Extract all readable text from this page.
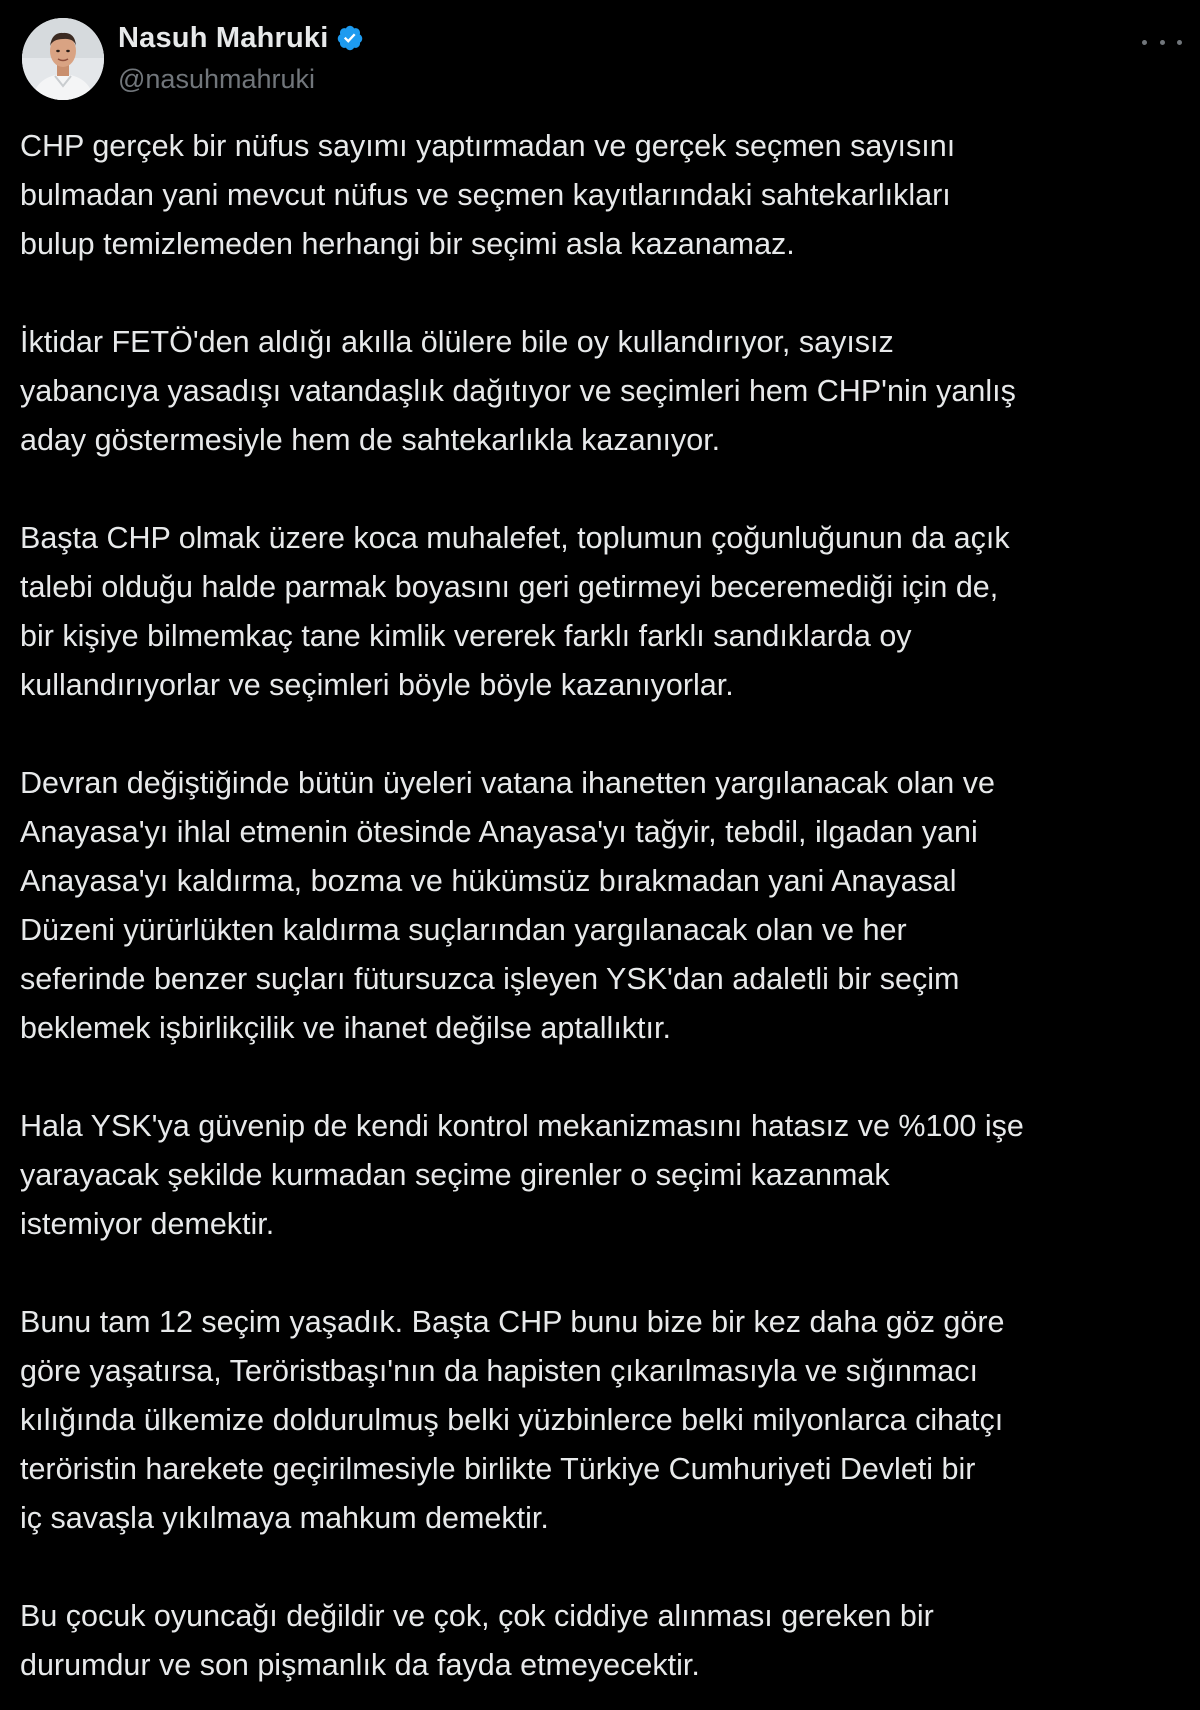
Nasuh Mahruki
@nasuhmahruki

CHP gerçek bir nüfus sayımı yaptırmadan ve gerçek seçmen sayısını
bulmadan yani mevcut nüfus ve seçmen kayıtlarındaki sahtekarlıkları
bulup temizlemeden herhangi bir seçimi asla kazanamaz.

İktidar FETÖ'den aldığı akılla ölülere bile oy kullandırıyor, sayısız
yabancıya yasadışı vatandaşlık dağıtıyor ve seçimleri hem CHP'nin yanlış
aday göstermesiyle hem de sahtekarlıkla kazanıyor.

Başta CHP olmak üzere koca muhalefet, toplumun çoğunluğunun da açık
talebi olduğu halde parmak boyasını geri getirmeyi beceremediği için de,
bir kişiye bilmemkaç tane kimlik vererek farklı farklı sandıklarda oy
kullandırıyorlar ve seçimleri böyle böyle kazanıyorlar.

Devran değiştiğinde bütün üyeleri vatana ihanetten yargılanacak olan ve
Anayasa'yı ihlal etmenin ötesinde Anayasa'yı tağyir, tebdil, ilgadan yani
Anayasa'yı kaldırma, bozma ve hükümsüz bırakmadan yani Anayasal
Düzeni yürürlükten kaldırma suçlarından yargılanacak olan ve her
seferinde benzer suçları fütursuzca işleyen YSK'dan adaletli bir seçim
beklemek işbirlikçilik ve ihanet değilse aptallıktır.

Hala YSK'ya güvenip de kendi kontrol mekanizmasını hatasız ve %100 işe
yarayacak şekilde kurmadan seçime girenler o seçimi kazanmak
istemiyor demektir.

Bunu tam 12 seçim yaşadık. Başta CHP bunu bize bir kez daha göz göre
göre yaşatırsa, Teröristbaşı'nın da hapisten çıkarılmasıyla ve sığınmacı
kılığında ülkemize doldurulmuş belki yüzbinlerce belki milyonlarca cihatçı
teröristin harekete geçirilmesiyle birlikte Türkiye Cumhuriyeti Devleti bir
iç savaşla yıkılmaya mahkum demektir.

Bu çocuk oyuncağı değildir ve çok, çok ciddiye alınması gereken bir
durumdur ve son pişmanlık da fayda etmeyecektir.
